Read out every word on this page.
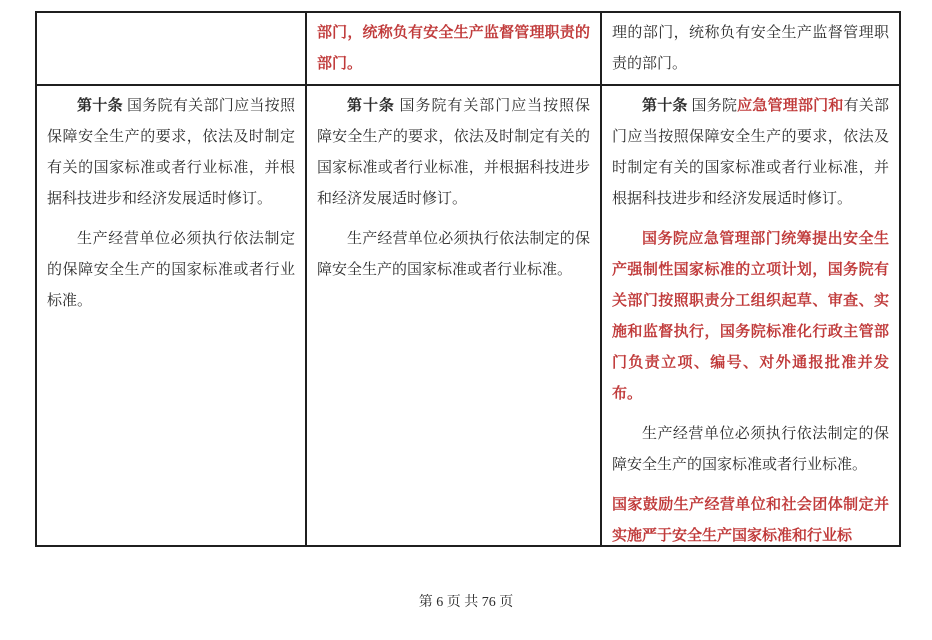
部门，统称负有安全生产监督管理职责的部门。

理的部门，统称负有安全生产监督管理职责的部门。

第十条 国务院有关部门应当按照保障安全生产的要求，依法及时制定有关的国家标准或者行业标准，并根据科技进步和经济发展适时修订。

生产经营单位必须执行依法制定的保障安全生产的国家标准或者行业标准。

第十条 国务院有关部门应当按照保障安全生产的要求，依法及时制定有关的国家标准或者行业标准，并根据科技进步和经济发展适时修订。

生产经营单位必须执行依法制定的保障安全生产的国家标准或者行业标准。

第十条 国务院应急管理部门和有关部门应当按照保障安全生产的要求，依法及时制定有关的国家标准或者行业标准，并根据科技进步和经济发展适时修订。

国务院应急管理部门统筹提出安全生产强制性国家标准的立项计划，国务院有关部门按照职责分工组织起草、审查、实施和监督执行，国务院标准化行政主管部门负责立项、编号、对外通报批准并发布。

生产经营单位必须执行依法制定的保障安全生产的国家标准或者行业标准。

国家鼓励生产经营单位和社会团体制定并实施严于安全生产国家标准和行业标

第 6 页 共 76 页
